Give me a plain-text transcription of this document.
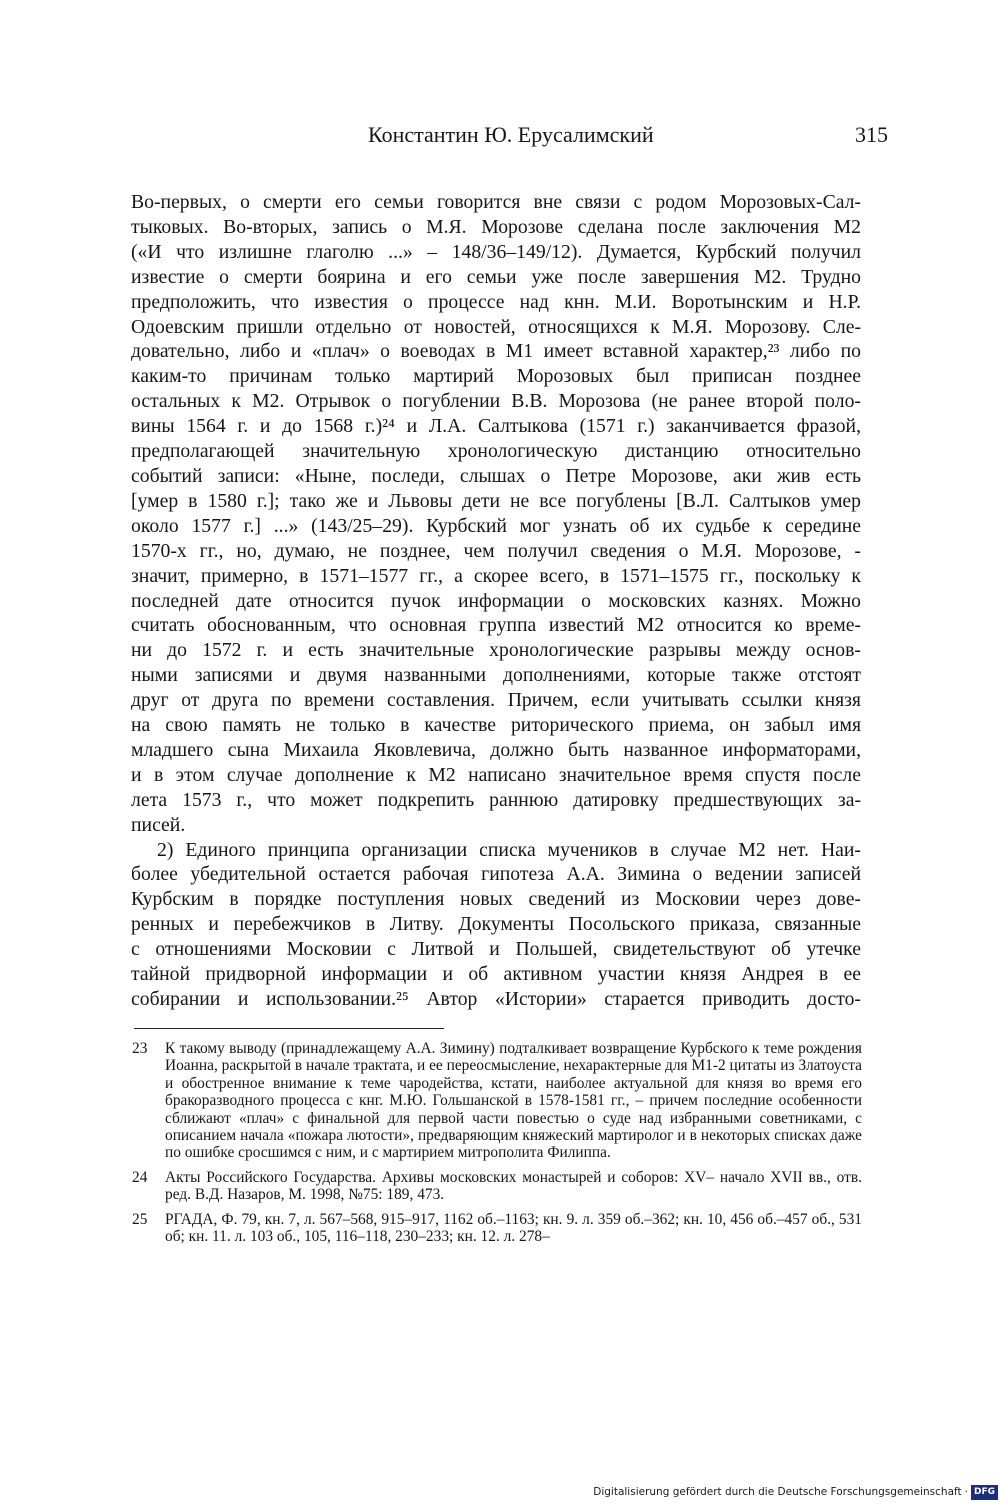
Константин Ю. Ерусалимский	315

Во-первых, о смерти его семьи говорится вне связи с родом Морозовых-Сал-

тыковых. Во-вторых, запись о М.Я. Морозове сделана после заключения М2

(«И что излишне глаголю ...» – 148/36–149/12). Думается, Курбский получил

известие о смерти боярина и его семьи уже после завершения М2. Трудно

предположить, что известия о процессе над кнн. М.И. Воротынским и Н.Р.

Одоевским пришли отдельно от новостей, относящихся к М.Я. Морозову. Сле-

довательно, либо и «плач» о воеводах в М1 имеет вставной характер,²³ либо по

каким-то причинам только мартирий Морозовых был приписан позднее

остальных к М2. Отрывок о погублении В.В. Морозова (не ранее второй поло-

вины 1564 г. и до 1568 г.)²⁴ и Л.А. Салтыкова (1571 г.) заканчивается фразой,

предполагающей значительную хронологическую дистанцию относительно

событий записи: «Ныне, последи, слышах о Петре Морозове, аки жив есть

[умер в 1580 г.]; тако же и Львовы дети не все погублены [В.Л. Салтыков умер

около 1577 г.] ...» (143/25–29). Курбский мог узнать об их судьбе к середине

1570-х гг., но, думаю, не позднее, чем получил сведения о М.Я. Морозове, -

значит, примерно, в 1571–1577 гг., а скорее всего, в 1571–1575 гг., поскольку к

последней дате относится пучок информации о московских казнях. Можно

считать обоснованным, что основная группа известий М2 относится ко време-

ни до 1572 г. и есть значительные хронологические разрывы между основ-

ными записями и двумя названными дополнениями, которые также отстоят

друг от друга по времени составления. Причем, если учитывать ссылки князя

на свою память не только в качестве риторического приема, он забыл имя

младшего сына Михаила Яковлевича, должно быть названное информаторами,

и в этом случае дополнение к М2 написано значительное время спустя после

лета 1573 г., что может подкрепить раннюю датировку предшествующих за-

писей.

2) Единого принципа организации списка мучеников в случае М2 нет. Наи-

более убедительной остается рабочая гипотеза А.А. Зимина о ведении записей

Курбским в порядке поступления новых сведений из Московии через дове-

ренных и перебежчиков в Литву. Документы Посольского приказа, связанные

с отношениями Московии с Литвой и Польшей, свидетельствуют об утечке

тайной придворной информации и об активном участии князя Андрея в ее

собирании и использовании.²⁵ Автор «Истории» старается приводить досто-

23 К такому выводу (принадлежащему А.А. Зимину) подталкивает возвращение Курбского к теме рождения Иоанна, раскрытой в начале трактата, и ее переосмысление, нехарактерные для М1-2 цитаты из Златоуста и обостренное внимание к теме чародейства, кстати, наиболее актуальной для князя во время его бракоразводного процесса с кнг. М.Ю. Гольшанской в 1578-1581 гг., – причем последние особенности сближают «плач» с финальной для первой части повестью о суде над избранными советниками, с описанием начала «пожара лютости», предваряющим княжеский мартиролог и в некоторых списках даже по ошибке сросшимся с ним, и с мартирием митрополита Филиппа.
24 Акты Российского Государства. Архивы московских монастырей и соборов: XV– начало XVII вв., отв. ред. В.Д. Назаров, М. 1998, №75: 189, 473.
25 РГАДА, Ф. 79, кн. 7, л. 567–568, 915–917, 1162 об.–1163; кн. 9. л. 359 об.–362; кн. 10, 456 об.–457 об., 531 об; кн. 11. л. 103 об., 105, 116–118, 230–233; кн. 12. л. 278–
Digitalisierung gefördert durch die Deutsche Forschungsgemeinschaft · DFG
